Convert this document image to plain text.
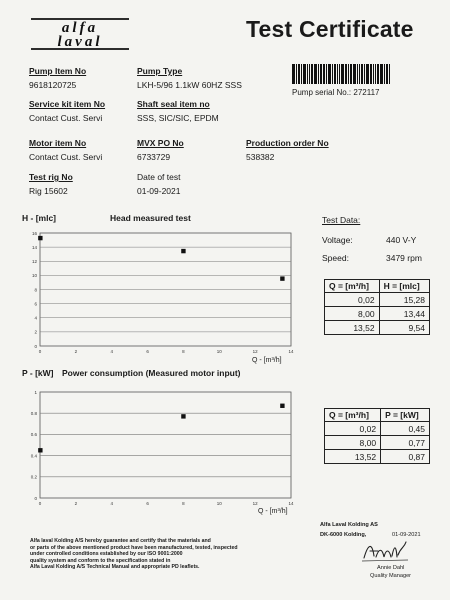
alfa
laval	Test Certificate
Pump serial No.: 272117
Pump Item No
9618120725
Pump Type
LKH-5/96 1.1kW 60HZ SSS
Service kit item No
Contact Cust. Servi
Shaft seal item no
SSS, SIC/SIC, EPDM
Motor item No
Contact Cust. Servi
MVX PO No
6733729
Production order No
538382
Test rig No
Rig 15602
Date of test
01-09-2021
H - [mlc]	Head measured test
0
2
4
6
8
10
12
14
16
0	2	4	6	8	10	12	14
Q - [m³/h]
P - [kW] Power consumption (Measured motor input)
0
0.2
0.4
0.6
0.8
1
0	2	4	6	8	10	12	14
Q - [m³/h]
Test Data:
Voltage:	440 V-Y
Speed:	3479 rpm
Q = [m³/h]	H = [mlc]
0,02	15,28
8,00	13,44
13,52	9,54
Q = [m³/h]	P = [kW]
0,02	0,45
8,00	0,77
13,52	0,87
Alfa laval Kolding A/S hereby guarantee and certify that the materials and
or parts of the above mentioned product have been manufactured, tested, inspected
under controlled conditions established by our ISO 9001:2000
quality system and conform to the specification stated in
Alfa Laval Kolding A/S Technical Manual and appropriate PD leaflets.
Alfa Laval Kolding AS
DK-6000 Kolding,	01-09-2021
Annie Dahl
Quality Manager
